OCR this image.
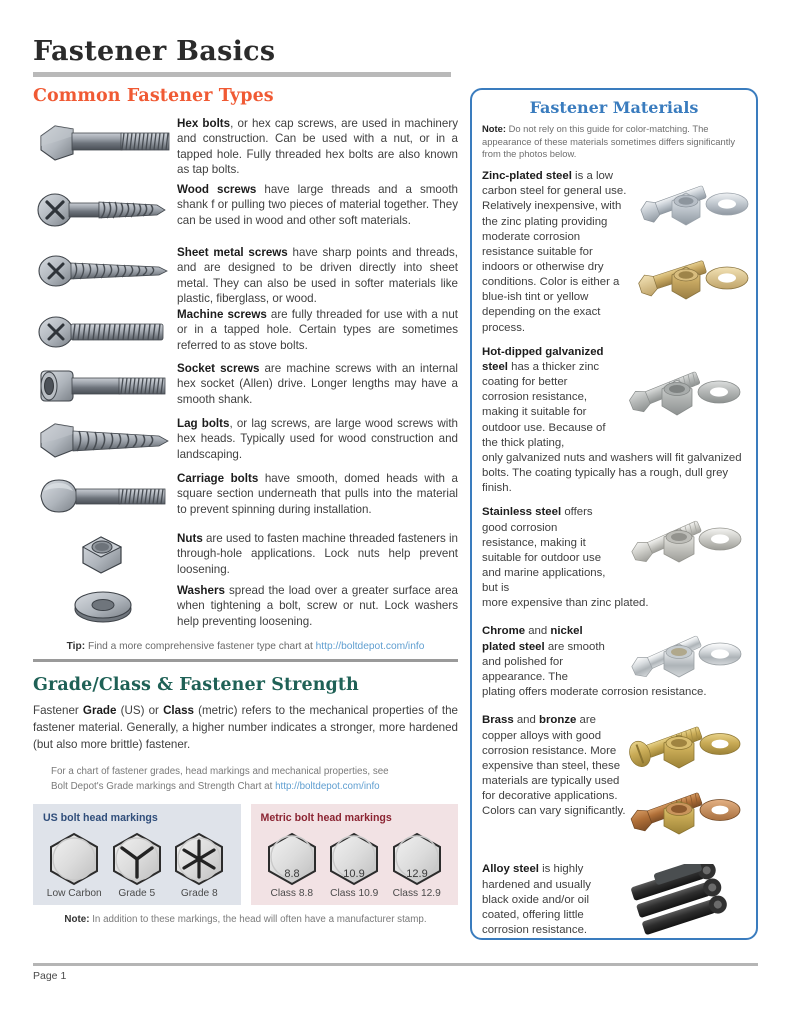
Fastener Basics
Common Fastener Types
Hex bolts, or hex cap screws, are used in machinery and construction. Can be used with a nut, or in a tapped hole. Fully threaded hex bolts are also known as tap bolts.
Wood screws have large threads and a smooth shank f or pulling two pieces of material together. They can be used in wood and other soft materials.
Sheet metal screws have sharp points and threads, and are designed to be driven directly into sheet metal. They can also be used in softer materials like plastic, fiberglass, or wood.
Machine screws are fully threaded for use with a nut or in a tapped hole. Certain types are sometimes referred to as stove bolts.
Socket screws are machine screws with an internal hex socket (Allen) drive. Longer lengths may have a smooth shank.
Lag bolts, or lag screws, are large wood screws with hex heads. Typically used for wood construction and landscaping.
Carriage bolts have smooth, domed heads with a square section underneath that pulls into the material to prevent spinning during installation.
Nuts are used to fasten machine threaded fasteners in through-hole applications. Lock nuts help prevent loosening.
Washers spread the load over a greater surface area when tightening a bolt, screw or nut. Lock washers help preventing loosening.
Tip: Find a more comprehensive fastener type chart at http://boltdepot.com/info
Grade/Class & Fastener Strength
Fastener Grade (US) or Class (metric) refers to the mechanical properties of the fastener material. Generally, a higher number indicates a stronger, more hardened (but also more brittle) fastener.
For a chart of fastener grades, head markings and mechanical properties, see
Bolt Depot's Grade markings and Strength Chart at http://boltdepot.com/info
US bolt head markings
Low Carbon	Grade 5	Grade 8
Metric bolt head markings
8.8
Class 8.8
10.9
Class 10.9
12.9
Class 12.9
Note: In addition to these markings, the head will often have a manufacturer stamp.
Fastener Materials
Note: Do not rely on this guide for color-matching. The appearance of these materials sometimes differs significantly from the photos below.

Zinc-plated steel is a low carbon steel for general use. Relatively inexpensive, with the zinc plating providing moderate corrosion resistance suitable for indoors or otherwise dry conditions. Color is either a blue-ish tint or yellow depending on the exact process.

Hot-dipped galvanized steel has a thicker zinc coating for better corrosion resistance, making it suitable for outdoor use. Because of the thick plating,

only galvanized nuts and washers will fit galvanized bolts. The coating typically has a rough, dull grey finish.

Stainless steel offers good corrosion resistance, making it suitable for outdoor use and marine applications, but is

more expensive than zinc plated.

Chrome and nickel plated steel are smooth and polished for appearance. The

plating offers moderate corrosion resistance.

Brass and bronze are copper alloys with good corrosion resistance. More expensive than steel, these materials are typically used for decorative applications. Colors can vary significantly.

Alloy steel is highly hardened and usually black oxide and/or oil coated, offering little corrosion resistance.

Page 1
